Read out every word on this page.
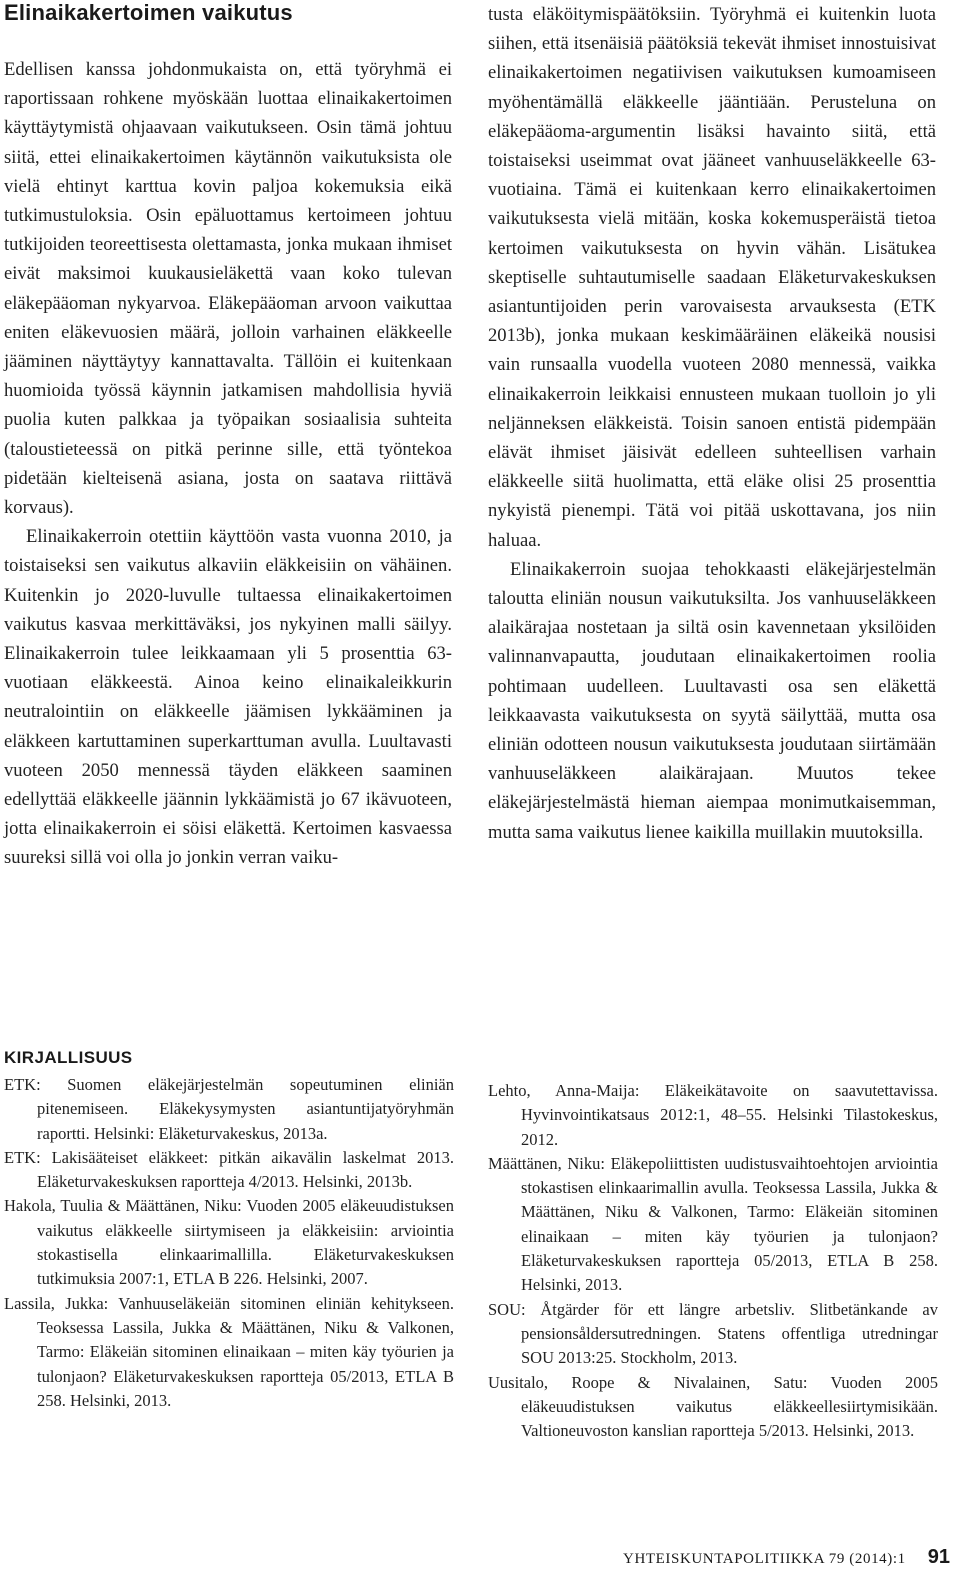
Elinaikakertoimen vaikutus

Edellisen kanssa johdonmukaista on, että työryhmä ei raportissaan rohkene myöskään luottaa elinaikakertoimen käyttäytymistä ohjaavaan vaikutukseen. Osin tämä johtuu siitä, ettei elinaikakertoimen käytännön vaikutuksista ole vielä ehtinyt karttua kovin paljoa kokemuksia eikä tutkimustuloksia. Osin epäluottamus kertoimeen johtuu tutkijoiden teoreettisesta olettamasta, jonka mukaan ihmiset eivät maksimoi kuukausieläkettä vaan koko tulevan eläkepääoman nykyarvoa. Eläkepääoman arvoon vaikuttaa eniten eläkevuosien määrä, jolloin varhainen eläkkeelle jääminen näyttäytyy kannattavalta. Tällöin ei kuitenkaan huomioida työssä käynnin jatkamisen mahdollisia hyviä puolia kuten palkkaa ja työpaikan sosiaalisia suhteita (taloustieteessä on pitkä perinne sille, että työntekoa pidetään kielteisenä asiana, josta on saatava riittävä korvaus).

Elinaikakerroin otettiin käyttöön vasta vuonna 2010, ja toistaiseksi sen vaikutus alkaviin eläkkeisiin on vähäinen. Kuitenkin jo 2020-luvulle tultaessa elinaikakertoimen vaikutus kasvaa merkittäväksi, jos nykyinen malli säilyy. Elinaikakerroin tulee leikkaamaan yli 5 prosenttia 63-vuotiaan eläkkeestä. Ainoa keino elinaikaleikkurin neutralointiin on eläkkeelle jäämisen lykkääminen ja eläkkeen kartuttaminen superkarttuman avulla. Luultavasti vuoteen 2050 mennessä täyden eläkkeen saaminen edellyttää eläkkeelle jäännin lykkäämistä jo 67 ikävuoteen, jotta elinaikakerroin ei söisi eläkettä. Kertoimen kasvaessa suureksi sillä voi olla jo jonkin verran vaiku-

tusta eläköitymispäätöksiin. Työryhmä ei kuitenkin luota siihen, että itsenäisiä päätöksiä tekevät ihmiset innostuisivat elinaikakertoimen negatiivisen vaikutuksen kumoamiseen myöhentämällä eläkkeelle jääntiään. Perusteluna on eläkepääoma-argumentin lisäksi havainto siitä, että toistaiseksi useimmat ovat jääneet vanhuuseläkkeelle 63-vuotiaina. Tämä ei kuitenkaan kerro elinaikakertoimen vaikutuksesta vielä mitään, koska kokemusperäistä tietoa kertoimen vaikutuksesta on hyvin vähän. Lisätukea skeptiselle suhtautumiselle saadaan Eläketurvakeskuksen asiantuntijoiden perin varovaisesta arvauksesta (ETK 2013b), jonka mukaan keskimääräinen eläkeikä nousisi vain runsaalla vuodella vuoteen 2080 mennessä, vaikka elinaikakerroin leikkaisi ennusteen mukaan tuolloin jo yli neljänneksen eläkkeistä. Toisin sanoen entistä pidempään elävät ihmiset jäisivät edelleen suhteellisen varhain eläkkeelle siitä huolimatta, että eläke olisi 25 prosenttia nykyistä pienempi. Tätä voi pitää uskottavana, jos niin haluaa.

Elinaikakerroin suojaa tehokkaasti eläkejärjestelmän taloutta eliniän nousun vaikutuksilta. Jos vanhuuseläkkeen alaikärajaa nostetaan ja siltä osin kavennetaan yksilöiden valinnanvapautta, joudutaan elinaikakertoimen roolia pohtimaan uudelleen. Luultavasti osa sen eläkettä leikkaavasta vaikutuksesta on syytä säilyttää, mutta osa eliniän odotteen nousun vaikutuksesta joudutaan siirtämään vanhuuseläkkeen alaikärajaan. Muutos tekee eläkejärjestelmästä hieman aiempaa monimutkaisemman, mutta sama vaikutus lienee kaikilla muillakin muutoksilla.

KIRJALLISUUS

ETK: Suomen eläkejärjestelmän sopeutuminen eliniän pitenemiseen. Eläkekysymysten asiantuntijatyöryhmän raportti. Helsinki: Eläketurvakeskus, 2013a.

ETK: Lakisääteiset eläkkeet: pitkän aikavälin laskelmat 2013. Eläketurvakeskuksen raportteja 4/2013. Helsinki, 2013b.

Hakola, Tuulia & Määttänen, Niku: Vuoden 2005 eläkeuudistuksen vaikutus eläkkeelle siirtymiseen ja eläkkeisiin: arviointia stokastisella elinkaarimallilla. Eläketurvakeskuksen tutkimuksia 2007:1, ETLA B 226. Helsinki, 2007.

Lassila, Jukka: Vanhuuseläkeiän sitominen eliniän kehitykseen. Teoksessa Lassila, Jukka & Määttänen, Niku & Valkonen, Tarmo: Eläkeiän sitominen elinaikaan – miten käy työurien ja tulonjaon? Eläketurvakeskuksen raportteja 05/2013, ETLA B 258. Helsinki, 2013.

Lehto, Anna-Maija: Eläkeikätavoite on saavutettavissa. Hyvinvointikatsaus 2012:1, 48–55. Helsinki Tilastokeskus, 2012.

Määttänen, Niku: Eläkepoliittisten uudistusvaihtoehtojen arviointia stokastisen elinkaarimallin avulla. Teoksessa Lassila, Jukka & Määttänen, Niku & Valkonen, Tarmo: Eläkeiän sitominen elinaikaan – miten käy työurien ja tulonjaon? Eläketurvakeskuksen raportteja 05/2013, ETLA B 258. Helsinki, 2013.

SOU: Åtgärder för ett längre arbetsliv. Slitbetänkande av pensionsåldersutredningen. Statens offentliga utredningar SOU 2013:25. Stockholm, 2013.

Uusitalo, Roope & Nivalainen, Satu: Vuoden 2005 eläkeuudistuksen vaikutus eläkkeellesiirtymisikään. Valtioneuvoston kanslian raportteja 5/2013. Helsinki, 2013.

YHTEISKUNTAPOLITIIKKA 79 (2014):1 91
